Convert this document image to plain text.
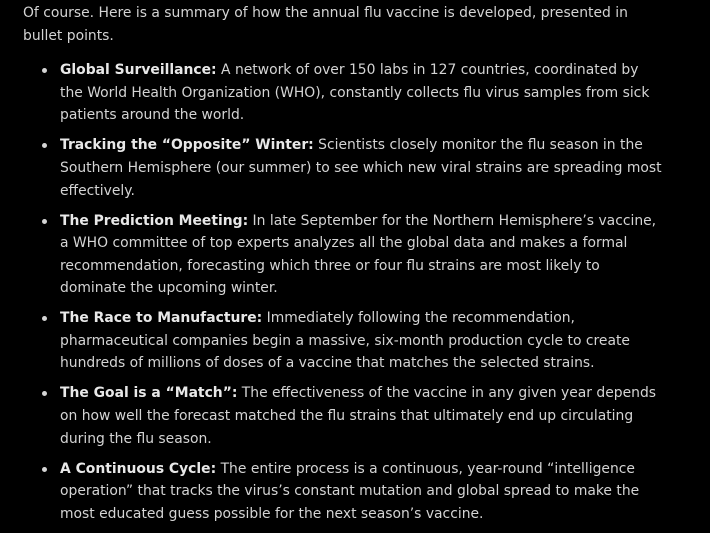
Of course. Here is a summary of how the annual flu vaccine is developed, presented in bullet points.

Global Surveillance: A network of over 150 labs in 127 countries, coordinated by the World Health Organization (WHO), constantly collects flu virus samples from sick patients around the world.
Tracking the “Opposite” Winter: Scientists closely monitor the flu season in the Southern Hemisphere (our summer) to see which new viral strains are spreading most effectively.
The Prediction Meeting: In late September for the Northern Hemisphere’s vaccine, a WHO committee of top experts analyzes all the global data and makes a formal recommendation, forecasting which three or four flu strains are most likely to dominate the upcoming winter.
The Race to Manufacture: Immediately following the recommendation, pharmaceutical companies begin a massive, six-month production cycle to create hundreds of millions of doses of a vaccine that matches the selected strains.
The Goal is a “Match”: The effectiveness of the vaccine in any given year depends on how well the forecast matched the flu strains that ultimately end up circulating during the flu season.
A Continuous Cycle: The entire process is a continuous, year-round “intelligence operation” that tracks the virus’s constant mutation and global spread to make the most educated guess possible for the next season’s vaccine.
